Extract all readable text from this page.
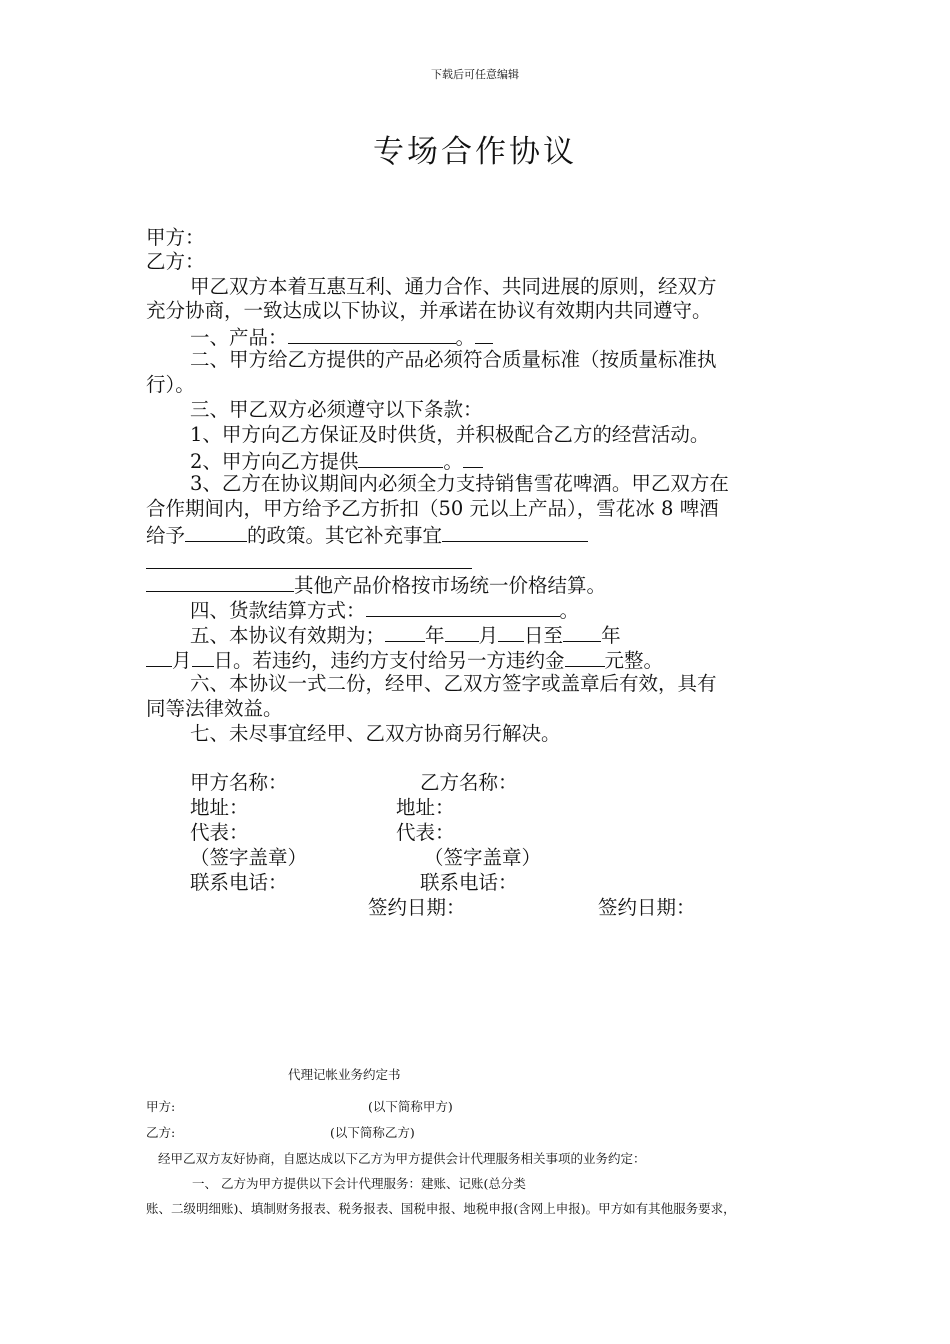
下载后可任意编辑
专场合作协议
甲方：
乙方：
甲乙双方本着互惠互利、通力合作、共同进展的原则，经双方
充分协商，一致达成以下协议，并承诺在协议有效期内共同遵守。
一、产品：	。
二、甲方给乙方提供的产品必须符合质量标准（按质量标准执
行）。
三、甲乙双方必须遵守以下条款：
1、甲方向乙方保证及时供货，并积极配合乙方的经营活动。
2、甲方向乙方提供	。
3、乙方在协议期间内必须全力支持销售雪花啤酒。甲乙双方在
合作期间内，甲方给予乙方折扣（50 元以上产品），雪花冰 8 啤酒
给予	的政策。其它补充事宜
其他产品价格按市场统一价格结算。
四、货款结算方式：	。
五、本协议有效期为； 年 月 日至 年
月 日。若违约，违约方支付给另一方违约金 元整。
六、本协议一式二份，经甲、乙双方签字或盖章后有效，具有
同等法律效益。
七、未尽事宜经甲、乙双方协商另行解决。
甲方名称：	乙方名称：
地址：	地址：
代表：	代表：
（签字盖章）	（签字盖章）
联系电话：	联系电话：
签约日期：	签约日期：
代理记帐业务约定书
甲方:	(以下简称甲方)
乙方:	(以下简称乙方)
经甲乙双方友好协商，自愿达成以下乙方为甲方提供会计代理服务相关事项的业务约定：
一、 乙方为甲方提供以下会计代理服务：建账、记账(总分类
账、二级明细账)、填制财务报表、税务报表、国税申报、地税申报(含网上申报)。甲方如有其他服务要求，
